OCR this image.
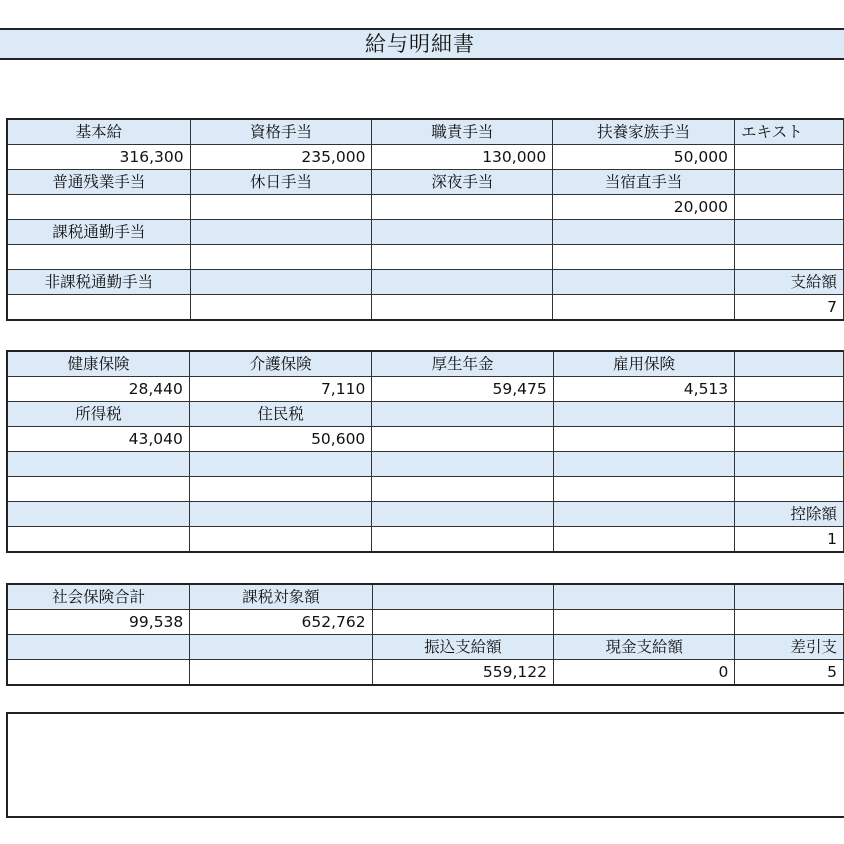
給与明細書
基本給	資格手当	職責手当	扶養家族手当	エキスト
316,300	235,000	130,000	50,000	
普通残業手当	休日手当	深夜手当	当宿直手当	
			20,000	
課税通勤手当				

非課税通勤手当				支給額
				7
健康保険	介護保険	厚生年金	雇用保険	
28,440	7,110	59,475	4,513	
所得税	住民税			
43,040	50,600			

				控除額
				1
社会保険合計	課税対象額			
99,538	652,762			
		振込支給額	現金支給額	差引支
		559,122	0	5
